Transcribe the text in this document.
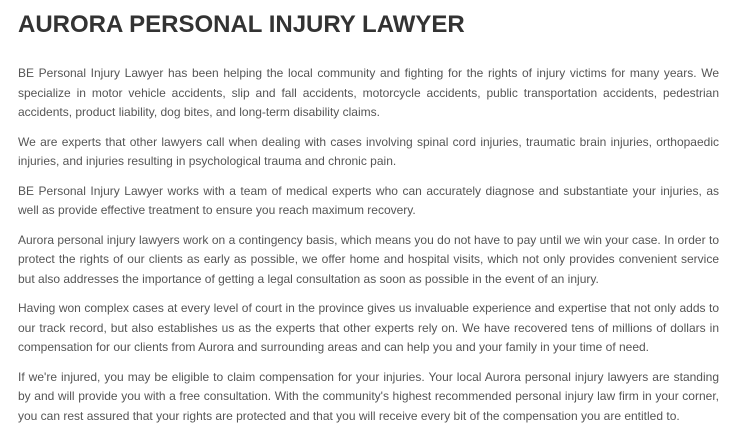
AURORA PERSONAL INJURY LAWYER

BE Personal Injury Lawyer has been helping the local community and fighting for the rights of injury victims for many years. We specialize in motor vehicle accidents, slip and fall accidents, motorcycle accidents, public transportation accidents, pedestrian accidents, product liability, dog bites, and long-term disability claims.

We are experts that other lawyers call when dealing with cases involving spinal cord injuries, traumatic brain injuries, orthopaedic injuries, and injuries resulting in psychological trauma and chronic pain.

BE Personal Injury Lawyer works with a team of medical experts who can accurately diagnose and substantiate your injuries, as well as provide effective treatment to ensure you reach maximum recovery.

Aurora personal injury lawyers work on a contingency basis, which means you do not have to pay until we win your case. In order to protect the rights of our clients as early as possible, we offer home and hospital visits, which not only provides convenient service but also addresses the importance of getting a legal consultation as soon as possible in the event of an injury.

Having won complex cases at every level of court in the province gives us invaluable experience and expertise that not only adds to our track record, but also establishes us as the experts that other experts rely on. We have recovered tens of millions of dollars in compensation for our clients from Aurora and surrounding areas and can help you and your family in your time of need.

If we're injured, you may be eligible to claim compensation for your injuries. Your local Aurora personal injury lawyers are standing by and will provide you with a free consultation. With the community's highest recommended personal injury law firm in your corner, you can rest assured that your rights are protected and that you will receive every bit of the compensation you are entitled to.
